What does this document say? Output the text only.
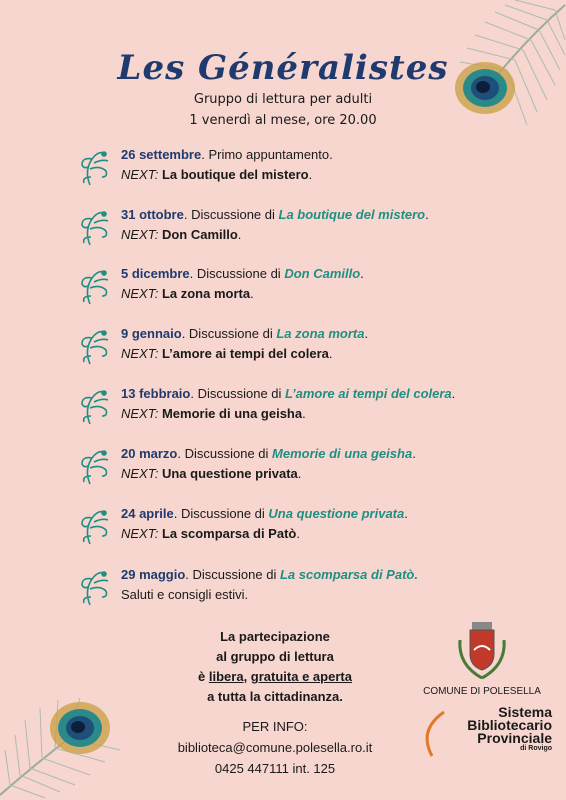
Les Généralistes
Gruppo di lettura per adulti
1 venerdì al mese, ore 20.00
26 settembre. Primo appuntamento.
NEXT: La boutique del mistero.
31 ottobre. Discussione di La boutique del mistero.
NEXT: Don Camillo.
5 dicembre. Discussione di Don Camillo.
NEXT: La zona morta.
9 gennaio. Discussione di La zona morta.
NEXT: L’amore ai tempi del colera.
13 febbraio. Discussione di L’amore ai tempi del colera.
NEXT: Memorie di una geisha.
20 marzo. Discussione di Memorie di una geisha.
NEXT: Una questione privata.
24 aprile. Discussione di Una questione privata.
NEXT: La scomparsa di Patò.
29 maggio. Discussione di La scomparsa di Patò.
Saluti e consigli estivi.
La partecipazione
al gruppo di lettura
è libera, gratuita e aperta
a tutta la cittadinanza.
PER INFO:
biblioteca@comune.polesella.ro.it
0425 447111 int. 125
COMUNE DI POLESELLA
Sistema
Bibliotecario
Provinciale
di Rovigo
